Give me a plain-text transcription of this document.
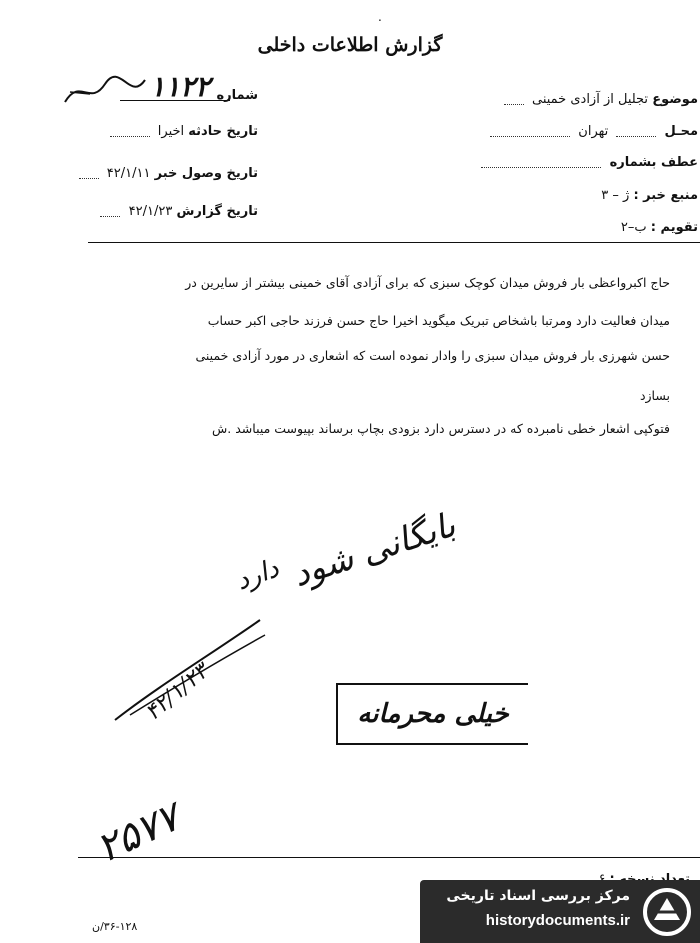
.
گزارش اطلاعات داخلی
شماره
۱۱۲۲
تاریخ حادثه اخیرا
تاریخ وصول خبر ۴۲/۱/۱۱
تاریخ گزارش ۴۲/۱/۲۳
موضوع تجلیل از آزادی خمینی
محـل  تهران
عطف بشماره
منبع خبر : ژ – ۳
تقویم : ب–۲
حاج اکبرواعظی بار فروش میدان کوچک سبزی که برای آزادی آقای خمینی بیشتر از سایرین در
میدان فعالیت دارد ومرتبا باشخاص تبریک میگوید اخیرا حاج حسن فرزند حاجی اکبر حساب
حسن شهرزی بار فروش میدان سبزی را وادار نموده است که اشعاری در مورد آزادی خمینی
بسازد
فتوکپی اشعار خطی نامبرده که در دسترس دارد بزودی بچاپ برساند بپیوست میباشد .ش
بایگانی شود
دارد
۴۲/۱/۲۳	خیلی محرمانه
۲۵۷۷
۳۶-۱۲۸/ن
مرکز بررسی اسناد تاریخی
historydocuments.ir
